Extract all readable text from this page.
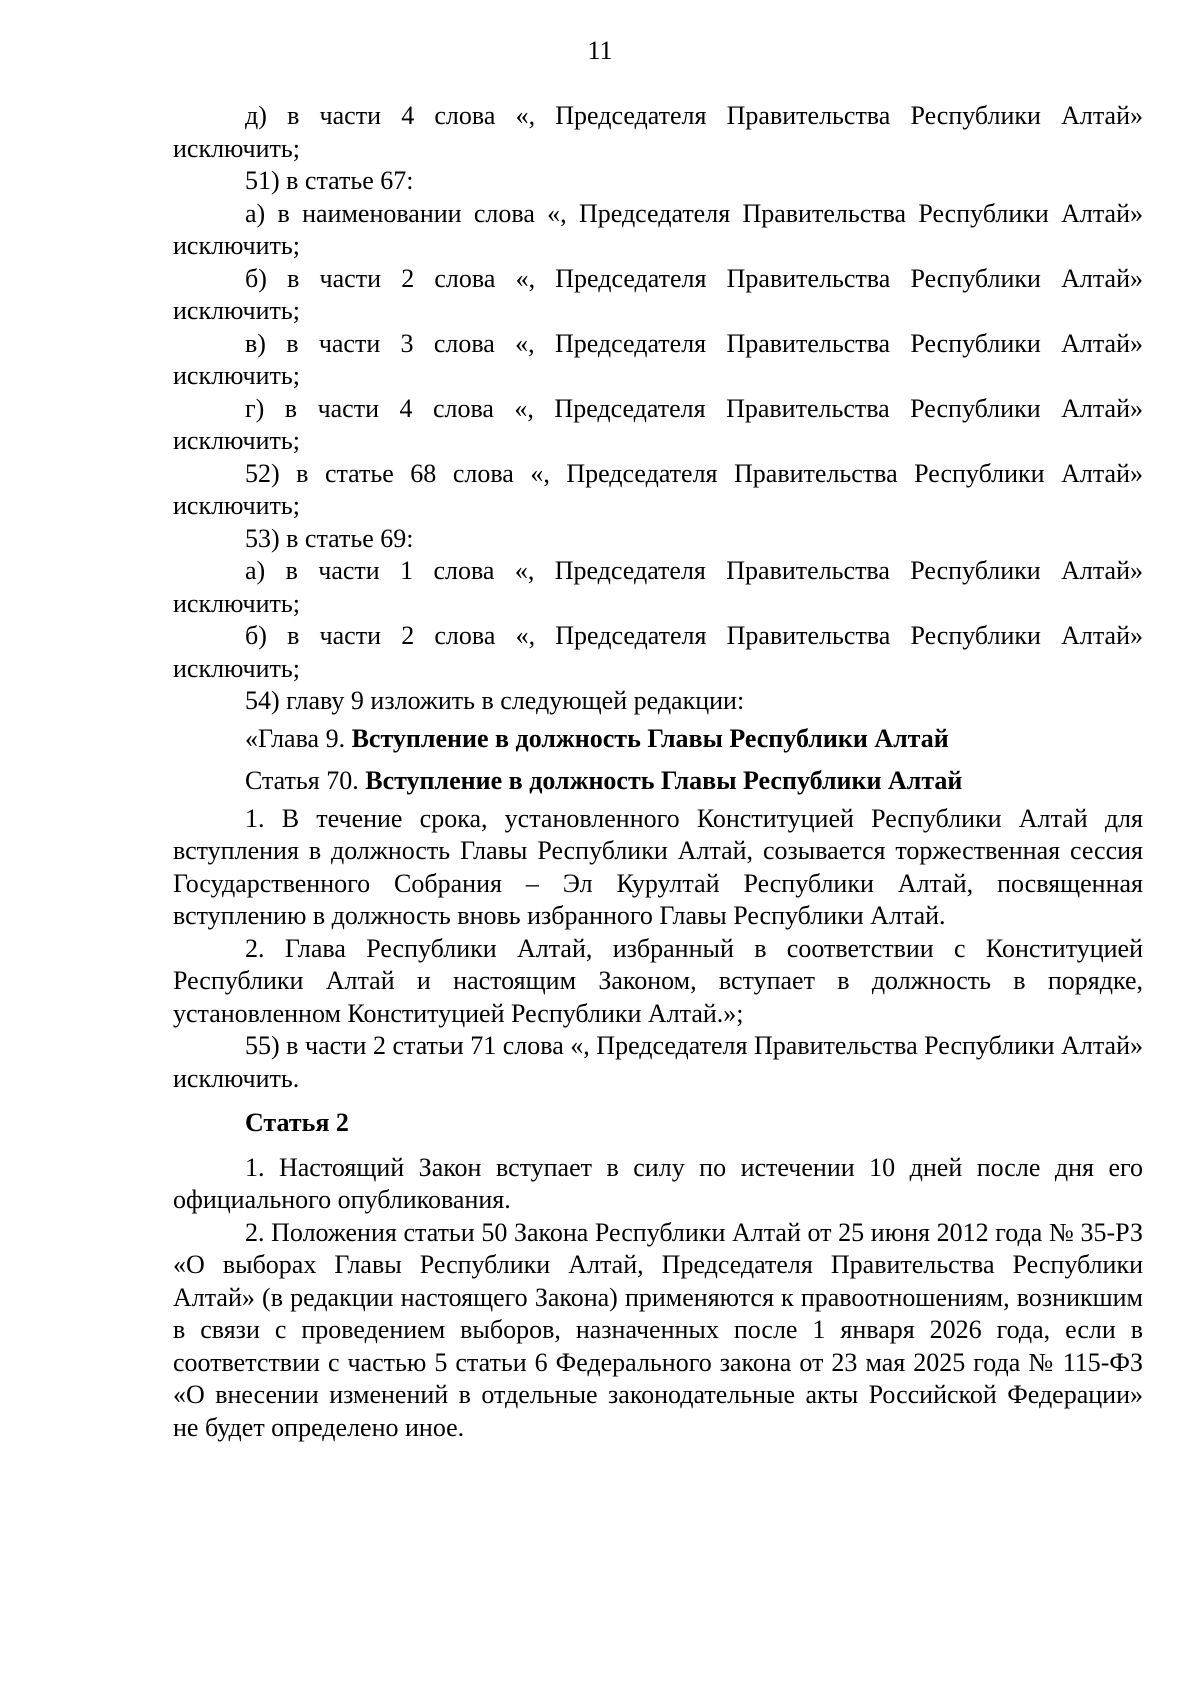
11

д) в части 4 слова «, Председателя Правительства Республики Алтай» исключить;

51) в статье 67:

а) в наименовании слова «, Председателя Правительства Республики Алтай» исключить;

б) в части 2 слова «, Председателя Правительства Республики Алтай» исключить;

в) в части 3 слова «, Председателя Правительства Республики Алтай» исключить;

г) в части 4 слова «, Председателя Правительства Республики Алтай» исключить;

52) в статье 68 слова «, Председателя Правительства Республики Алтай» исключить;

53) в статье 69:

а) в части 1 слова «, Председателя Правительства Республики Алтай» исключить;

б) в части 2 слова «, Председателя Правительства Республики Алтай» исключить;

54) главу 9 изложить в следующей редакции:

«Глава 9. Вступление в должность Главы Республики Алтай

Статья 70. Вступление в должность Главы Республики Алтай

1. В течение срока, установленного Конституцией Республики Алтай для вступления в должность Главы Республики Алтай, созывается торжественная сессия Государственного Собрания – Эл Курултай Республики Алтай, посвященная вступлению в должность вновь избранного Главы Республики Алтай.

2. Глава Республики Алтай, избранный в соответствии с Конституцией Республики Алтай и настоящим Законом, вступает в должность в порядке, установленном Конституцией Республики Алтай.»;

55) в части 2 статьи 71 слова «, Председателя Правительства Республики Алтай» исключить.

Статья 2

1. Настоящий Закон вступает в силу по истечении 10 дней после дня его официального опубликования.

2. Положения статьи 50 Закона Республики Алтай от 25 июня 2012 года № 35-РЗ «О выборах Главы Республики Алтай, Председателя Правительства Республики Алтай» (в редакции настоящего Закона) применяются к правоотношениям, возникшим в связи с проведением выборов, назначенных после 1 января 2026 года, если в соответствии с частью 5 статьи 6 Федерального закона от 23 мая 2025 года № 115-ФЗ «О внесении изменений в отдельные законодательные акты Российской Федерации» не будет определено иное.
